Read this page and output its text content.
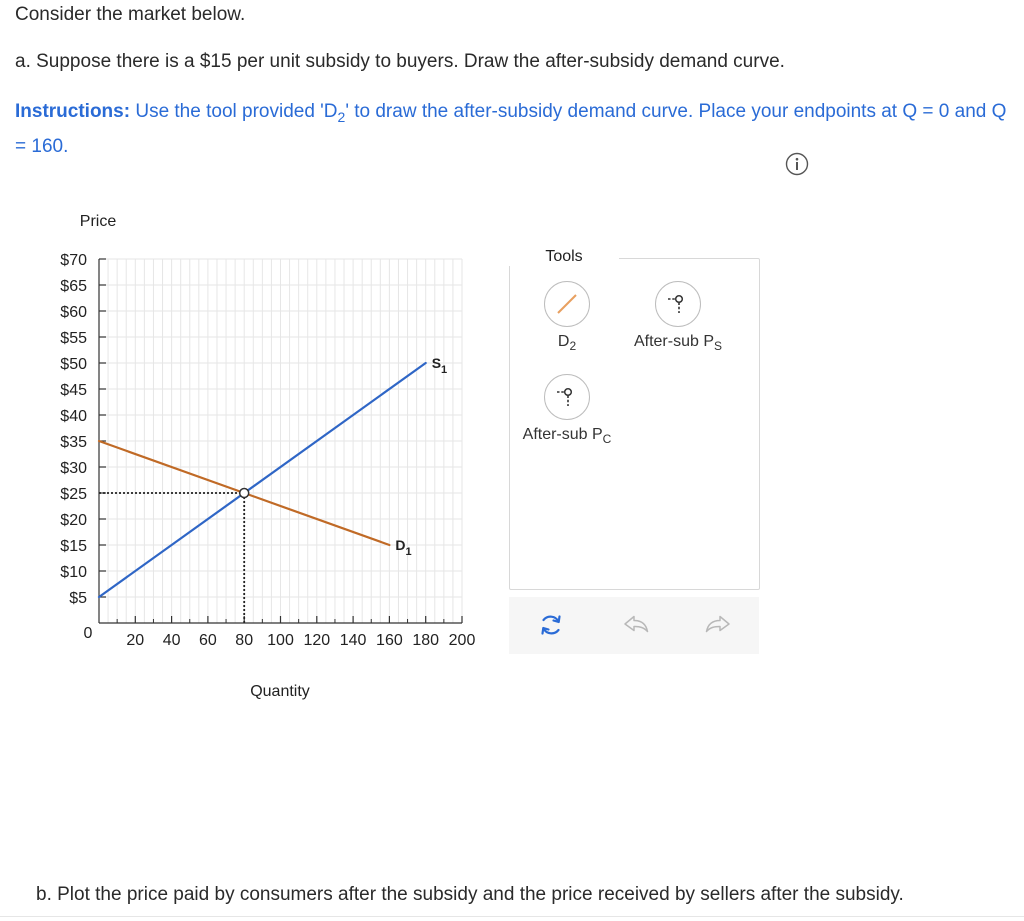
Consider the market below.
a. Suppose there is a $15 per unit subsidy to buyers. Draw the after-subsidy demand curve.
Instructions: Use the tool provided '$D_2$' to draw the after-subsidy demand curve. Place your endpoints at Q = 0 and Q = 160.
Price
$70
$65
$60
$55
$50
$45
$40
$35
$30
$25
$20
$15
$10
$5
20 40 60 80 100 120 140 160 180 200
0
$S_1$
$D_1$
Quantity
Tools
$D_2$	After-sub $P_S$
After-sub $P_C$
b. Plot the price paid by consumers after the subsidy and the price received by sellers after the subsidy.
